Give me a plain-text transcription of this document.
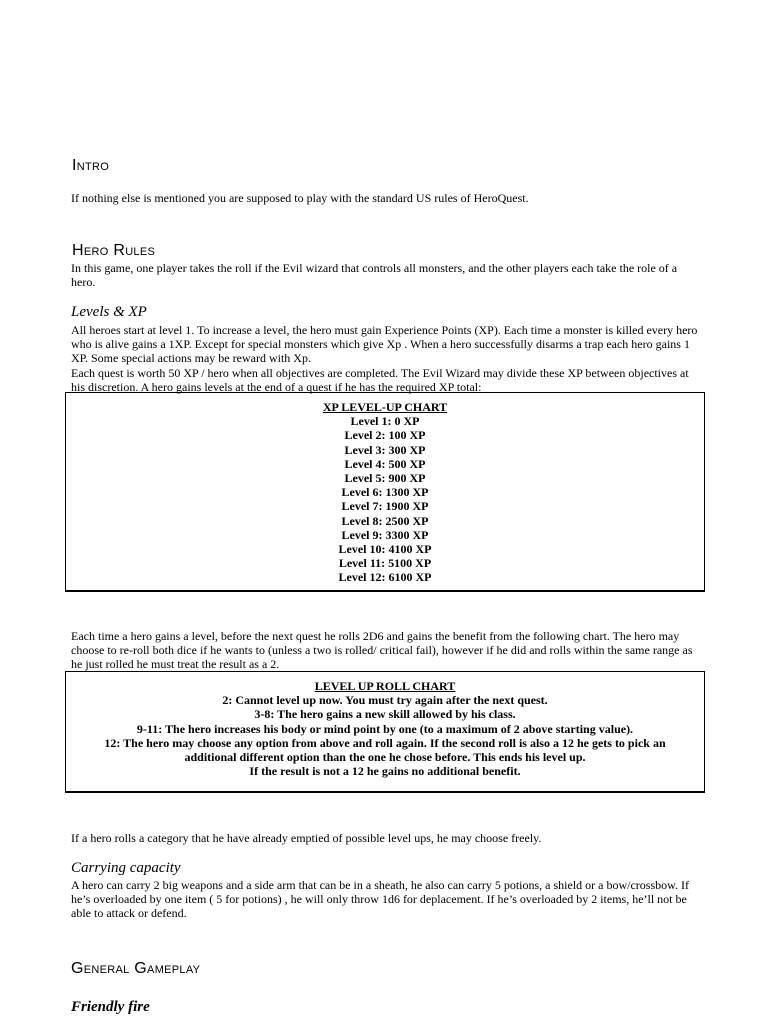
Intro
If nothing else is mentioned you are supposed to play with the standard US rules of HeroQuest.
Hero Rules
In this game, one player takes the roll if the Evil wizard that controls all monsters, and the other players each take the role of a
hero.
Levels & XP
All heroes start at level 1. To increase a level, the hero must gain Experience Points (XP). Each time a monster is killed every hero
who is alive gains a 1XP. Except for special monsters which give Xp . When a hero successfully disarms a trap each hero gains 1
XP. Some special actions may be reward with Xp.
Each quest is worth 50 XP / hero when all objectives are completed. The Evil Wizard may divide these XP between objectives at
his discretion. A hero gains levels at the end of a quest if he has the required XP total:
XP LEVEL-UP CHART
Level 1: 0 XP
Level 2: 100 XP
Level 3: 300 XP
Level 4: 500 XP
Level 5: 900 XP
Level 6: 1300 XP
Level 7: 1900 XP
Level 8: 2500 XP
Level 9: 3300 XP
Level 10: 4100 XP
Level 11: 5100 XP
Level 12: 6100 XP
Each time a hero gains a level, before the next quest he rolls 2D6 and gains the benefit from the following chart. The hero may
choose to re-roll both dice if he wants to (unless a two is rolled/ critical fail), however if he did and rolls within the same range as
he just rolled he must treat the result as a 2.
LEVEL UP ROLL CHART
2: Cannot level up now. You must try again after the next quest.
3-8: The hero gains a new skill allowed by his class.
9-11: The hero increases his body or mind point by one (to a maximum of 2 above starting value).
12: The hero may choose any option from above and roll again. If the second roll is also a 12 he gets to pick an
additional different option than the one he chose before. This ends his level up.
If the result is not a 12 he gains no additional benefit.
If a hero rolls a category that he have already emptied of possible level ups, he may choose freely.
Carrying capacity
A hero can carry 2 big weapons and a side arm that can be in a sheath, he also can carry 5 potions, a shield or a bow/crossbow. If
he’s overloaded by one item ( 5 for potions) , he will only throw 1d6 for deplacement. If he’s overloaded by 2 items, he’ll not be
able to attack or defend.
General Gameplay
Friendly fire
